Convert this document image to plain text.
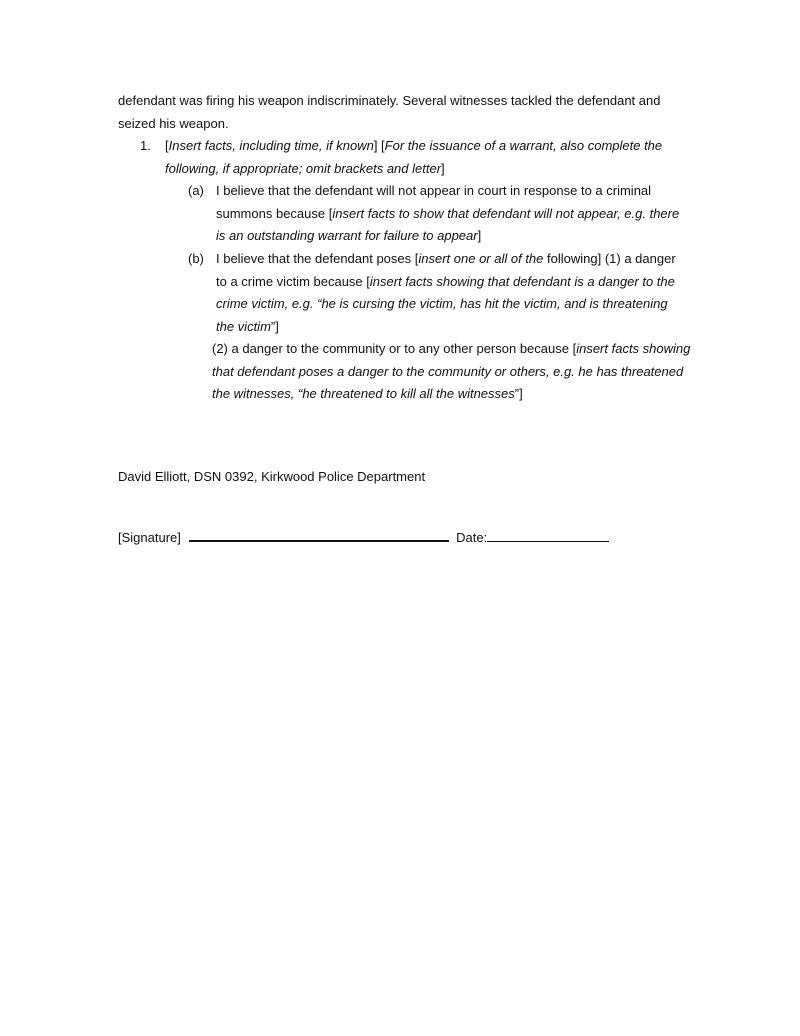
defendant was firing his weapon indiscriminately. Several witnesses tackled the defendant and seized his weapon.
1. [Insert facts, including time, if known] [For the issuance of a warrant, also complete the following, if appropriate; omit brackets and letter]
(a) I believe that the defendant will not appear in court in response to a criminal summons because [insert facts to show that defendant will not appear, e.g. there is an outstanding warrant for failure to appear]
(b) I believe that the defendant poses [insert one or all of the following] (1) a danger to a crime victim because [insert facts showing that defendant is a danger to the crime victim, e.g. “he is cursing the victim, has hit the victim, and is threatening the victim”]
(2) a danger to the community or to any other person because [insert facts showing that defendant poses a danger to the community or others, e.g. he has threatened the witnesses, “he threatened to kill all the witnesses”]
David Elliott, DSN 0392, Kirkwood Police Department
[Signature]	Date:
